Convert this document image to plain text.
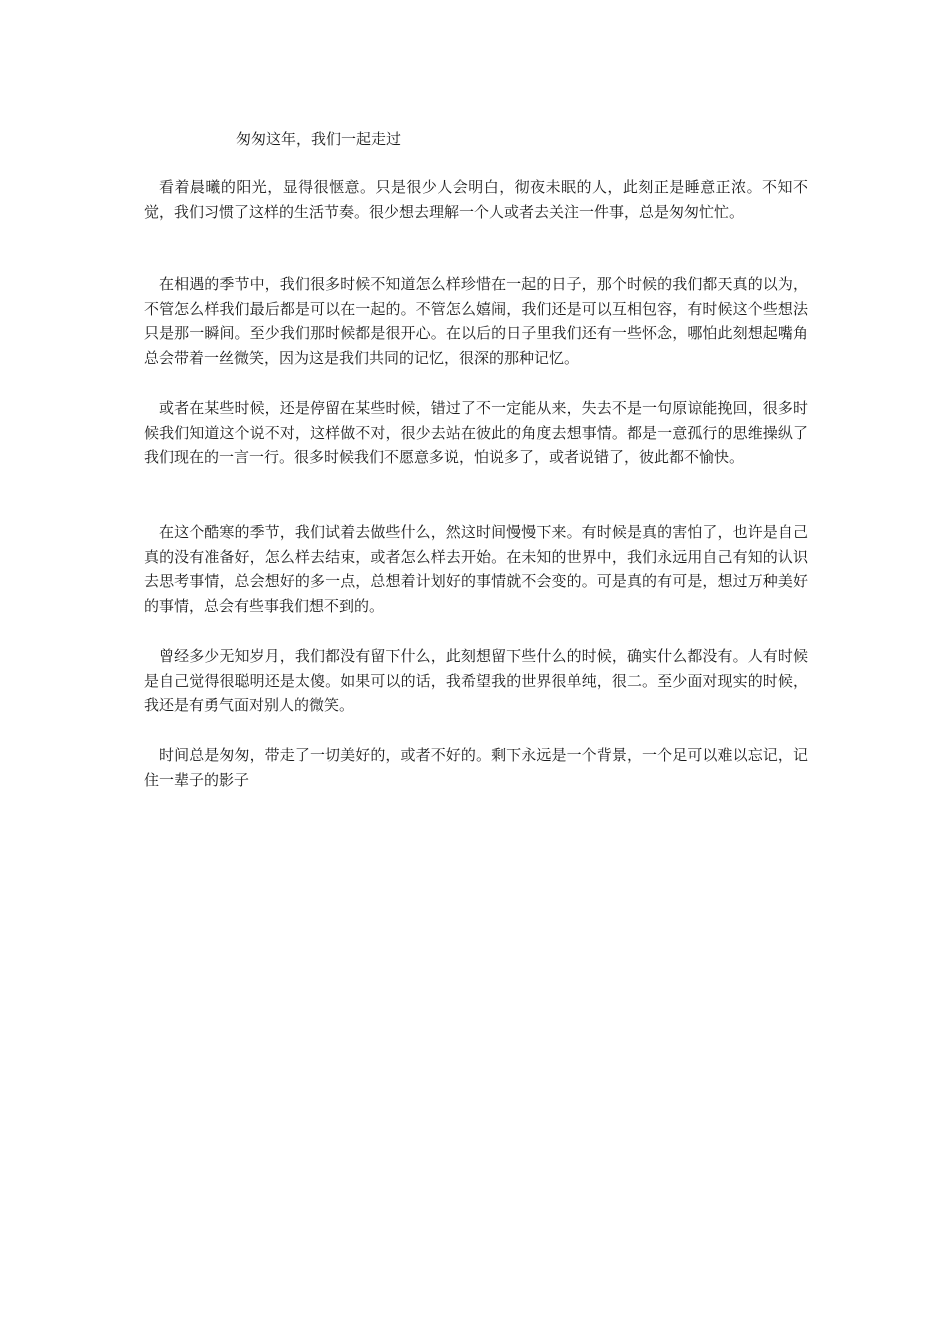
匆匆这年，我们一起走过

看着晨曦的阳光，显得很惬意。只是很少人会明白，彻夜未眠的人，此刻正是睡意正浓。不知不觉，我们习惯了这样的生活节奏。很少想去理解一个人或者去关注一件事，总是匆匆忙忙。

在相遇的季节中，我们很多时候不知道怎么样珍惜在一起的日子，那个时候的我们都天真的以为，不管怎么样我们最后都是可以在一起的。不管怎么嬉闹，我们还是可以互相包容，有时候这个些想法只是那一瞬间。至少我们那时候都是很开心。在以后的日子里我们还有一些怀念，哪怕此刻想起嘴角总会带着一丝微笑，因为这是我们共同的记忆，很深的那种记忆。

或者在某些时候，还是停留在某些时候，错过了不一定能从来，失去不是一句原谅能挽回，很多时候我们知道这个说不对，这样做不对，很少去站在彼此的角度去想事情。都是一意孤行的思维操纵了我们现在的一言一行。很多时候我们不愿意多说，怕说多了，或者说错了，彼此都不愉快。

在这个酷寒的季节，我们试着去做些什么，然这时间慢慢下来。有时候是真的害怕了，也许是自己真的没有准备好，怎么样去结束，或者怎么样去开始。在未知的世界中，我们永远用自己有知的认识去思考事情，总会想好的多一点，总想着计划好的事情就不会变的。可是真的有可是，想过万种美好的事情，总会有些事我们想不到的。

曾经多少无知岁月，我们都没有留下什么，此刻想留下些什么的时候，确实什么都没有。人有时候是自己觉得很聪明还是太傻。如果可以的话，我希望我的世界很单纯，很二。至少面对现实的时候，我还是有勇气面对别人的微笑。

时间总是匆匆，带走了一切美好的，或者不好的。剩下永远是一个背景，一个足可以难以忘记，记住一辈子的影子
